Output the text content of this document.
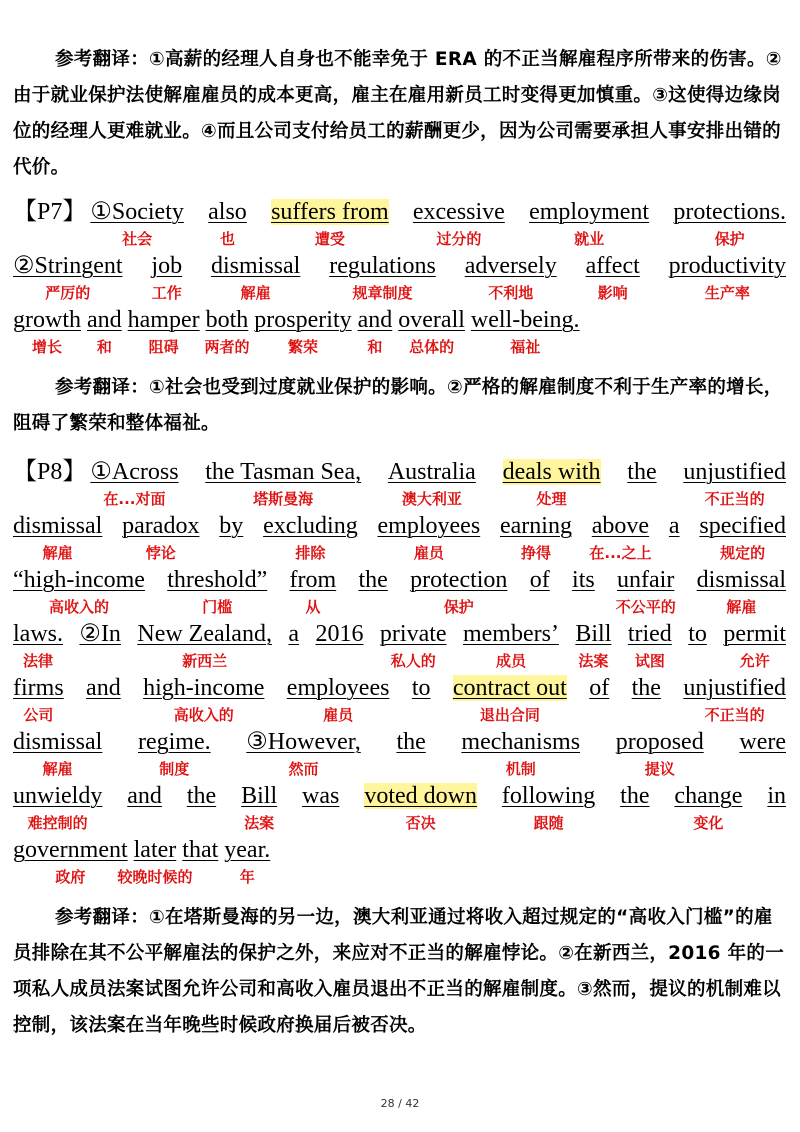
参考翻译：①高薪的经理人自身也不能幸免于 ERA 的不正当解雇程序所带来的伤害。②由于就业保护法使解雇雇员的成本更高，雇主在雇用新员工时变得更加慎重。③这使得边缘岗位的经理人更难就业。④而且公司支付给员工的薪酬更少，因为公司需要承担人事安排出错的代价。
【P7】 ①Society
社会
also
也
suffers from
遭受
excessive
过分的
employment
就业
protections.
保护
②Stringent
严厉的
job
工作
dismissal
解雇
regulations
规章制度
adversely
不利地
affect
影响
productivity
生产率
growth
增长
and
和
hamper
阻碍
both
两者的
prosperity
繁荣
and
和
overall
总体的
well-being.
福祉
参考翻译：①社会也受到过度就业保护的影响。②严格的解雇制度不利于生产率的增长，阻碍了繁荣和整体福祉。
【P8】 ①Across
在...对面
the Tasman Sea,
塔斯曼海
Australia
澳大利亚
deals with
处理
the unjustified
不正当的
dismissal
解雇
paradox
悖论
by excluding
排除
employees
雇员
earning
挣得
above
在...之上
a specified
规定的
“high-income
高收入的
threshold”
门槛
from
从
the protection
保护
of its unfair
不公平的
dismissal
解雇
laws.
法律
②In New Zealand,
新西兰
a 2016 private
私人的
members’
成员
Bill
法案
tried
试图
to permit
允许
firms
公司
and high-income
高收入的
employees
雇员
to contract out
退出合同
of the unjustified
不正当的
dismissal
解雇
regime.
制度
③However,
然而
the mechanisms
机制
proposed
提议
were
unwieldy
难控制的
and the Bill
法案
was voted down
否决
following
跟随
the change
变化
in
government
政府
later
较晚时候的
that year.
年
参考翻译：①在塔斯曼海的另一边，澳大利亚通过将收入超过规定的“高收入门槛”的雇员排除在其不公平解雇法的保护之外，来应对不正当的解雇悖论。②在新西兰，2016 年的一项私人成员法案试图允许公司和高收入雇员退出不正当的解雇制度。③然而，提议的机制难以控制，该法案在当年晚些时候政府换届后被否决。
28 / 42
